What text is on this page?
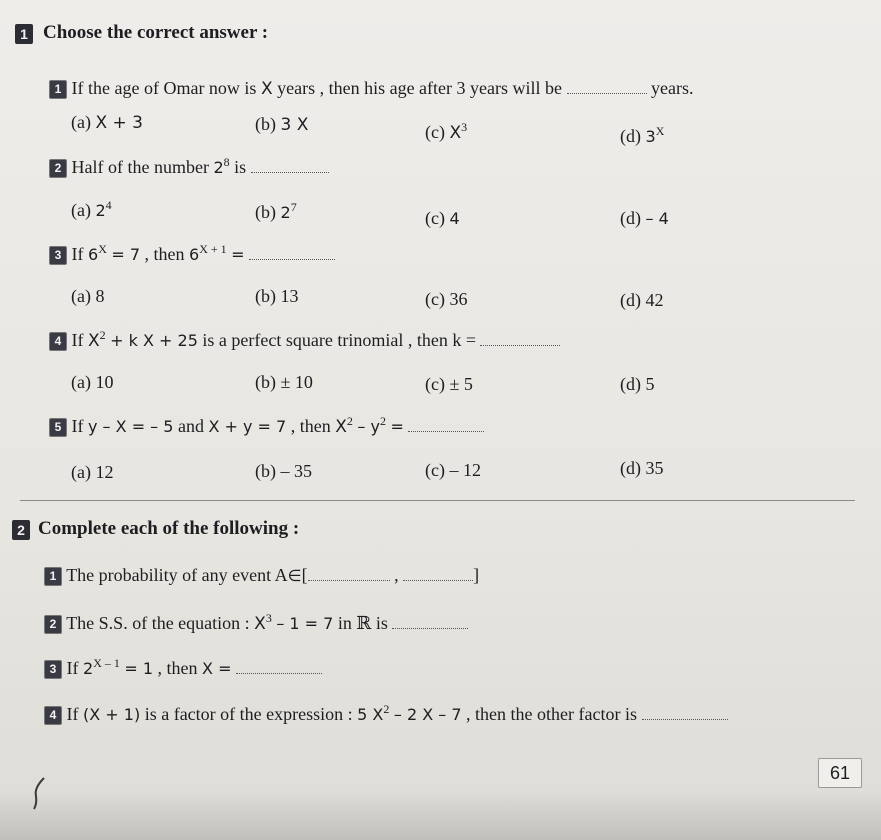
1 Choose the correct answer :
1 If the age of Omar now is X years , then his age after 3 years will be	years.
(a) X + 3	(b) 3 X	(c) $X^3$	(d) $3^X$
2 Half of the number $2^8$ is
(a) $2^4$	(b) $2^7$
(c) 4	(d) – 4
3 If $6^X = 7$ , then $6^{X + 1}$ =
(a) 8	(b) 13	(c) 36	(d) 42
4 If $X^2 + k$ X + 25 is a perfect square trinomial , then k =
(a) 10	(b) ± 10	(c) ± 5	(d) 5
5 If y – X = – 5 and X + y = 7 , then $X^2 - y^2$ =
(a) 12	(b) – 35	(c) – 12	(d) 35
2 Complete each of the following :
1 The probability of any event A∈[	,	]
2 The S.S. of the equation : $X^3 - 1 = 7$ in ℝ is
3 If $2^{X - 1} = 1$ , then X =
4 If (X + 1) is a factor of the expression : 5 $X^2 - 2$ X – 7 , then the other factor is
61
